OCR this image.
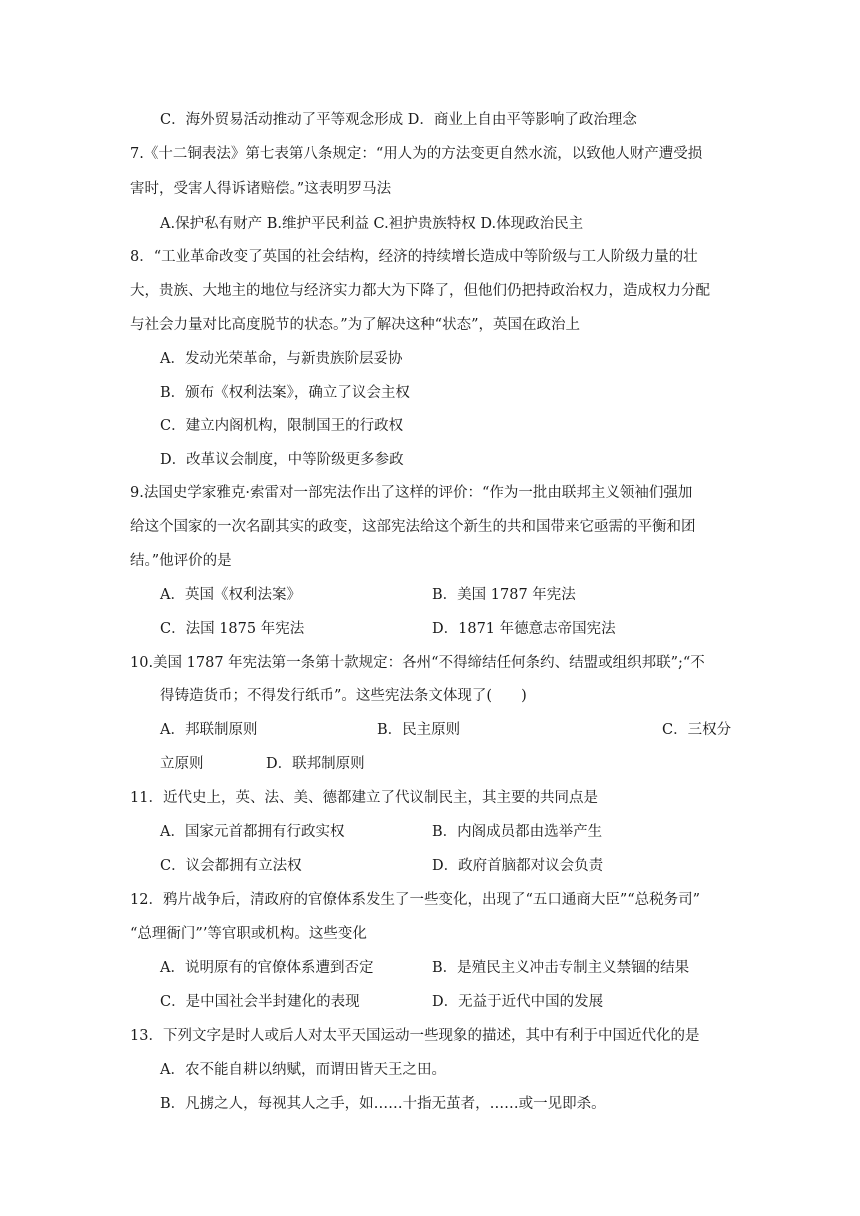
C．海外贸易活动推动了平等观念形成 D．商业上自由平等影响了政治理念
7.《十二铜表法》第七表第八条规定：“用人为的方法变更自然水流，以致他人财产遭受损
害时，受害人得诉诸赔偿。”这表明罗马法
A.保护私有财产 B.维护平民利益 C.袒护贵族特权 D.体现政治民主
8．“工业革命改变了英国的社会结构，经济的持续增长造成中等阶级与工人阶级力量的壮
大，贵族、大地主的地位与经济实力都大为下降了，但他们仍把持政治权力，造成权力分配
与社会力量对比高度脱节的状态。”为了解决这种“状态”，英国在政治上
A．发动光荣革命，与新贵族阶层妥协
B．颁布《权利法案》，确立了议会主权
C．建立内阁机构，限制国王的行政权
D．改革议会制度，中等阶级更多参政
9.法国史学家雅克·索雷对一部宪法作出了这样的评价：“作为一批由联邦主义领袖们强加
给这个国家的一次名副其实的政变，这部宪法给这个新生的共和国带来它亟需的平衡和团
结。”他评价的是
A．英国《权利法案》	B．美国 1787 年宪法
C．法国 1875 年宪法	D．1871 年德意志帝国宪法
10.美国 1787 年宪法第一条第十款规定：各州“不得缔结任何条约、结盟或组织邦联”;“不
得铸造货币；不得发行纸币”。这些宪法条文体现了(　　)
A．邦联制原则	B．民主原则	C．三权分
立原则	D．联邦制原则
11．近代史上，英、法、美、德都建立了代议制民主，其主要的共同点是
A．国家元首都拥有行政实权	B．内阁成员都由选举产生
C．议会都拥有立法权	D．政府首脑都对议会负责
12．鸦片战争后，清政府的官僚体系发生了一些变化，出现了“五口通商大臣”“总税务司”
“总理衙门”’等官职或机构。这些变化
A．说明原有的官僚体系遭到否定	B．是殖民主义冲击专制主义禁锢的结果
C．是中国社会半封建化的表现	D．无益于近代中国的发展
13．下列文字是时人或后人对太平天国运动一些现象的描述，其中有利于中国近代化的是
A．农不能自耕以纳赋，而谓田皆天王之田。
B．凡掳之人，每视其人之手，如……十指无茧者，……或一见即杀。
